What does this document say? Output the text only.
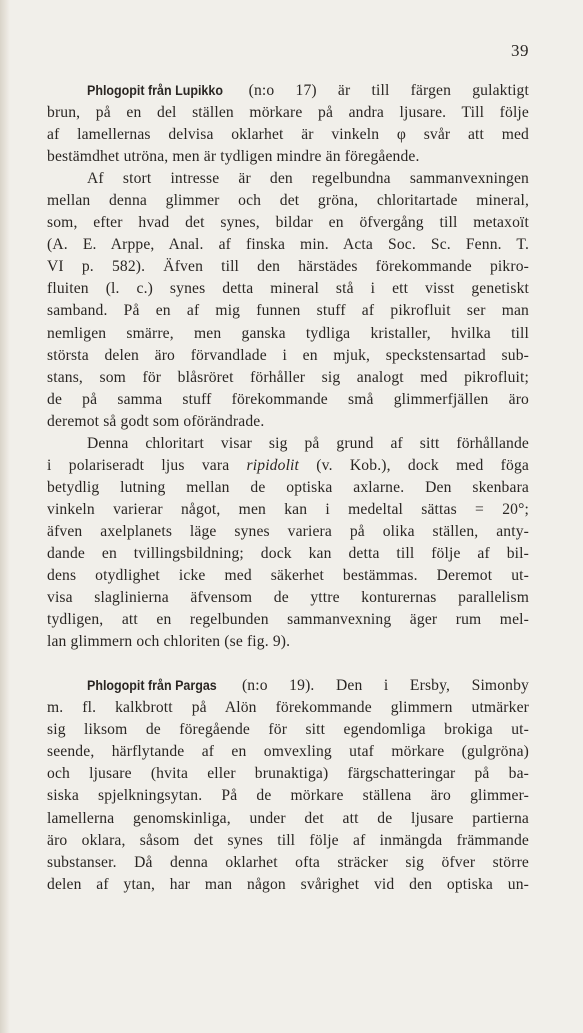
39
Phlogopit från Lupikko (n:o 17) är till färgen gulaktigt
brun, på en del ställen mörkare på andra ljusare. Till följe
af lamellernas delvisa oklarhet är vinkeln φ svår att med
bestämdhet utröna, men är tydligen mindre än föregående.
Af stort intresse är den regelbundna sammanvexningen
mellan denna glimmer och det gröna, chloritartade mineral,
som, efter hvad det synes, bildar en öfvergång till metaxoït
(A. E. Arppe, Anal. af finska min. Acta Soc. Sc. Fenn. T.
VI p. 582). Äfven till den härstädes förekommande pikro-
fluiten (l. c.) synes detta mineral stå i ett visst genetiskt
samband. På en af mig funnen stuff af pikrofluit ser man
nemligen smärre, men ganska tydliga kristaller, hvilka till
största delen äro förvandlade i en mjuk, speckstensartad sub-
stans, som för blåsröret förhåller sig analogt med pikrofluit;
de på samma stuff förekommande små glimmerfjällen äro
deremot så godt som oförändrade.
Denna chloritart visar sig på grund af sitt förhållande
i polariseradt ljus vara ripidolit (v. Kob.), dock med föga
betydlig lutning mellan de optiska axlarne. Den skenbara
vinkeln varierar något, men kan i medeltal sättas = 20°;
äfven axelplanets läge synes variera på olika ställen, anty-
dande en tvillingsbildning; dock kan detta till följe af bil-
dens otydlighet icke med säkerhet bestämmas. Deremot ut-
visa slaglinierna äfvensom de yttre konturernas parallelism
tydligen, att en regelbunden sammanvexning äger rum mel-
lan glimmern och chloriten (se fig. 9).
Phlogopit från Pargas (n:o 19). Den i Ersby, Simonby
m. fl. kalkbrott på Alön förekommande glimmern utmärker
sig liksom de föregående för sitt egendomliga brokiga ut-
seende, härflytande af en omvexling utaf mörkare (gulgröna)
och ljusare (hvita eller brunaktiga) färgschatteringar på ba-
siska spjelkningsytan. På de mörkare ställena äro glimmer-
lamellerna genomskinliga, under det att de ljusare partierna
äro oklara, såsom det synes till följe af inmängda främmande
substanser. Då denna oklarhet ofta sträcker sig öfver större
delen af ytan, har man någon svårighet vid den optiska un-
